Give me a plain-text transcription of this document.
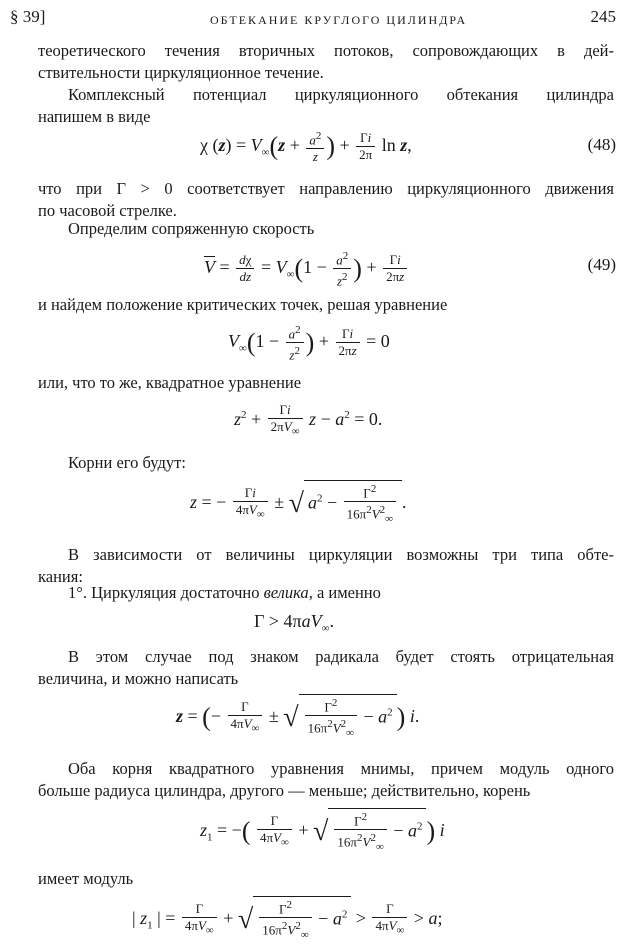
§ 39]	ОБТЕКАНИЕ КРУГЛОГО ЦИЛИНДРА	245
теоретического течения вторичных потоков, сопровождающих в дей-
ствительности циркуляционное течение.
Комплексный потенциал циркуляционного обтекания цилиндра
напишем в виде
χ $(z) = V_\infty(z + \frac{a^2}{z}$ ) + $\frac{\Gamma i}{2\pi}$ ln z,	(48)
что при Γ > 0 соответствует направлению циркуляционного движения
по часовой стрелке.
Определим сопряженную скорость
$\overline{V} = \frac{d\chi}{dz} = V_\infty(1 - \frac{a^2}{z^2}$ ) + $\frac{\Gamma i}{2\pi z}$	(49)
и найдем положение критических точек, решая уравнение
$V_\infty(1 - \frac{a^2}{z^2}$ ) + $\frac{\Gamma i}{2\pi z} = 0$
или, что то же, квадратное уравнение
$z^2 + \frac{\Gamma i}{2\pi V_\infty}$ $z - a^2 = 0$.
Корни его будут:
z = − $\frac{\Gamma i}{4\pi V_\infty}$ ± √ $a^2 - \frac{\Gamma^2}{16\pi^2V^2_\infty}$ .
В зависимости от величины циркуляции возможны три типа обте-
кания:
1°. Циркуляция достаточно велика, а именно
Γ > 4πaV$_\infty$.
В этом случае под знаком радикала будет стоять отрицательная
величина, и можно написать
z = (− $\frac{\Gamma}{4\pi V_\infty}$ ± √ $\frac{\Gamma^2}{16\pi^2V^2_\infty} - a^2$ ) i.
Оба корня квадратного уравнения мнимы, причем модуль одного
больше радиуса цилиндра, другого — меньше; действительно, корень
$z_1$ = −( $\frac{\Gamma}{4\pi V_\infty}$ + √ $\frac{\Gamma^2}{16\pi^2V^2_\infty} - a^2$ ) i
имеет модуль
| $z_1$ | = $\frac{\Gamma}{4\pi V_\infty}$ + √ $\frac{\Gamma^2}{16\pi^2V^2_\infty} - a^2 > \frac{\Gamma}{4\pi V_\infty} > a$;
